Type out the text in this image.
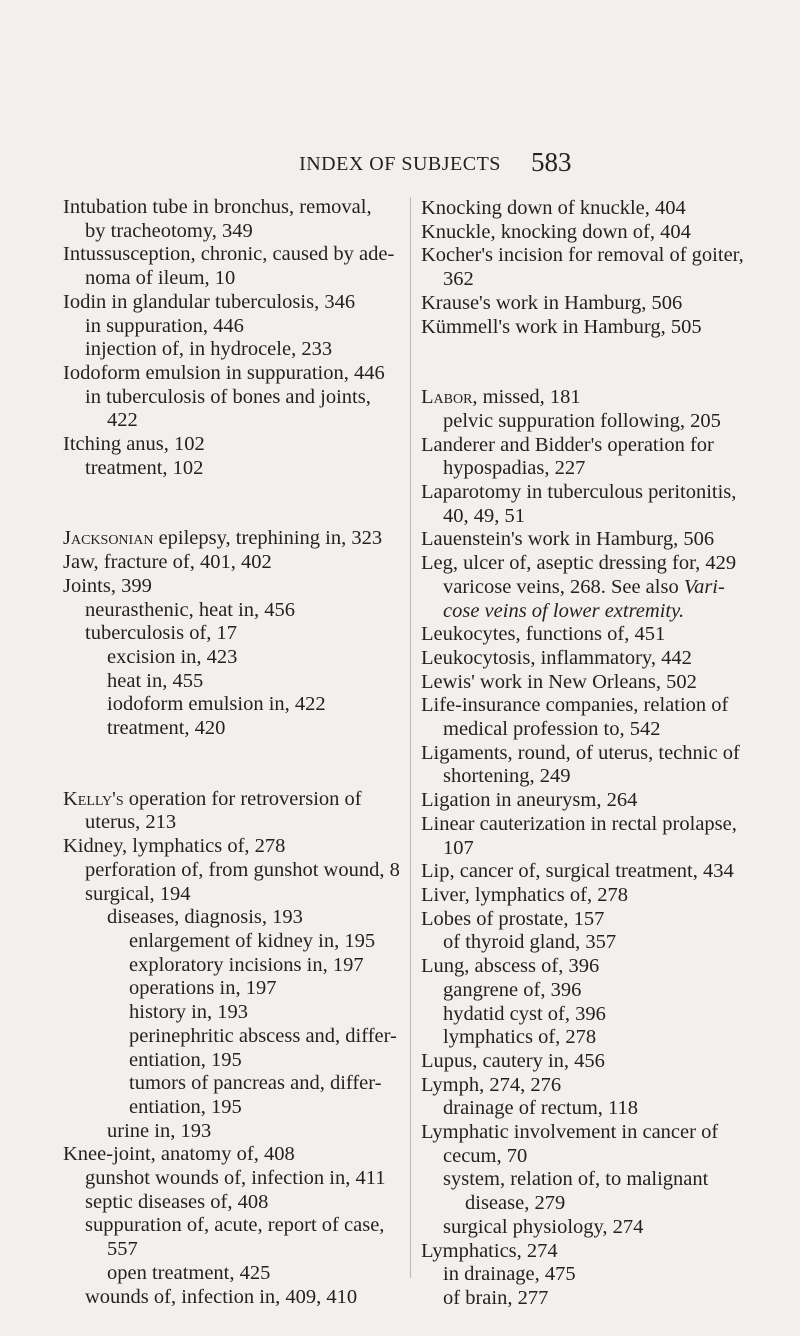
INDEX OF SUBJECTS	583
Intubation tube in bronchus, removal,
by tracheotomy, 349
Intussusception, chronic, caused by ade-
noma of ileum, 10
Iodin in glandular tuberculosis, 346
in suppuration, 446
injection of, in hydrocele, 233
Iodoform emulsion in suppuration, 446
in tuberculosis of bones and joints,
422
Itching anus, 102
treatment, 102
Jacksonian epilepsy, trephining in, 323
Jaw, fracture of, 401, 402
Joints, 399
neurasthenic, heat in, 456
tuberculosis of, 17
excision in, 423
heat in, 455
iodoform emulsion in, 422
treatment, 420
Kelly's operation for retroversion of
uterus, 213
Kidney, lymphatics of, 278
perforation of, from gunshot wound, 8
surgical, 194
diseases, diagnosis, 193
enlargement of kidney in, 195
exploratory incisions in, 197
operations in, 197
history in, 193
perinephritic abscess and, differ-
entiation, 195
tumors of pancreas and, differ-
entiation, 195
urine in, 193
Knee-joint, anatomy of, 408
gunshot wounds of, infection in, 411
septic diseases of, 408
suppuration of, acute, report of case,
557
open treatment, 425
wounds of, infection in, 409, 410
Knocking down of knuckle, 404
Knuckle, knocking down of, 404
Kocher's incision for removal of goiter,
362
Krause's work in Hamburg, 506
Kümmell's work in Hamburg, 505
Labor, missed, 181
pelvic suppuration following, 205
Landerer and Bidder's operation for
hypospadias, 227
Laparotomy in tuberculous peritonitis,
40, 49, 51
Lauenstein's work in Hamburg, 506
Leg, ulcer of, aseptic dressing for, 429
varicose veins, 268. See also Vari-
cose veins of lower extremity.
Leukocytes, functions of, 451
Leukocytosis, inflammatory, 442
Lewis' work in New Orleans, 502
Life-insurance companies, relation of
medical profession to, 542
Ligaments, round, of uterus, technic of
shortening, 249
Ligation in aneurysm, 264
Linear cauterization in rectal prolapse,
107
Lip, cancer of, surgical treatment, 434
Liver, lymphatics of, 278
Lobes of prostate, 157
of thyroid gland, 357
Lung, abscess of, 396
gangrene of, 396
hydatid cyst of, 396
lymphatics of, 278
Lupus, cautery in, 456
Lymph, 274, 276
drainage of rectum, 118
Lymphatic involvement in cancer of
cecum, 70
system, relation of, to malignant
disease, 279
surgical physiology, 274
Lymphatics, 274
in drainage, 475
of brain, 277
